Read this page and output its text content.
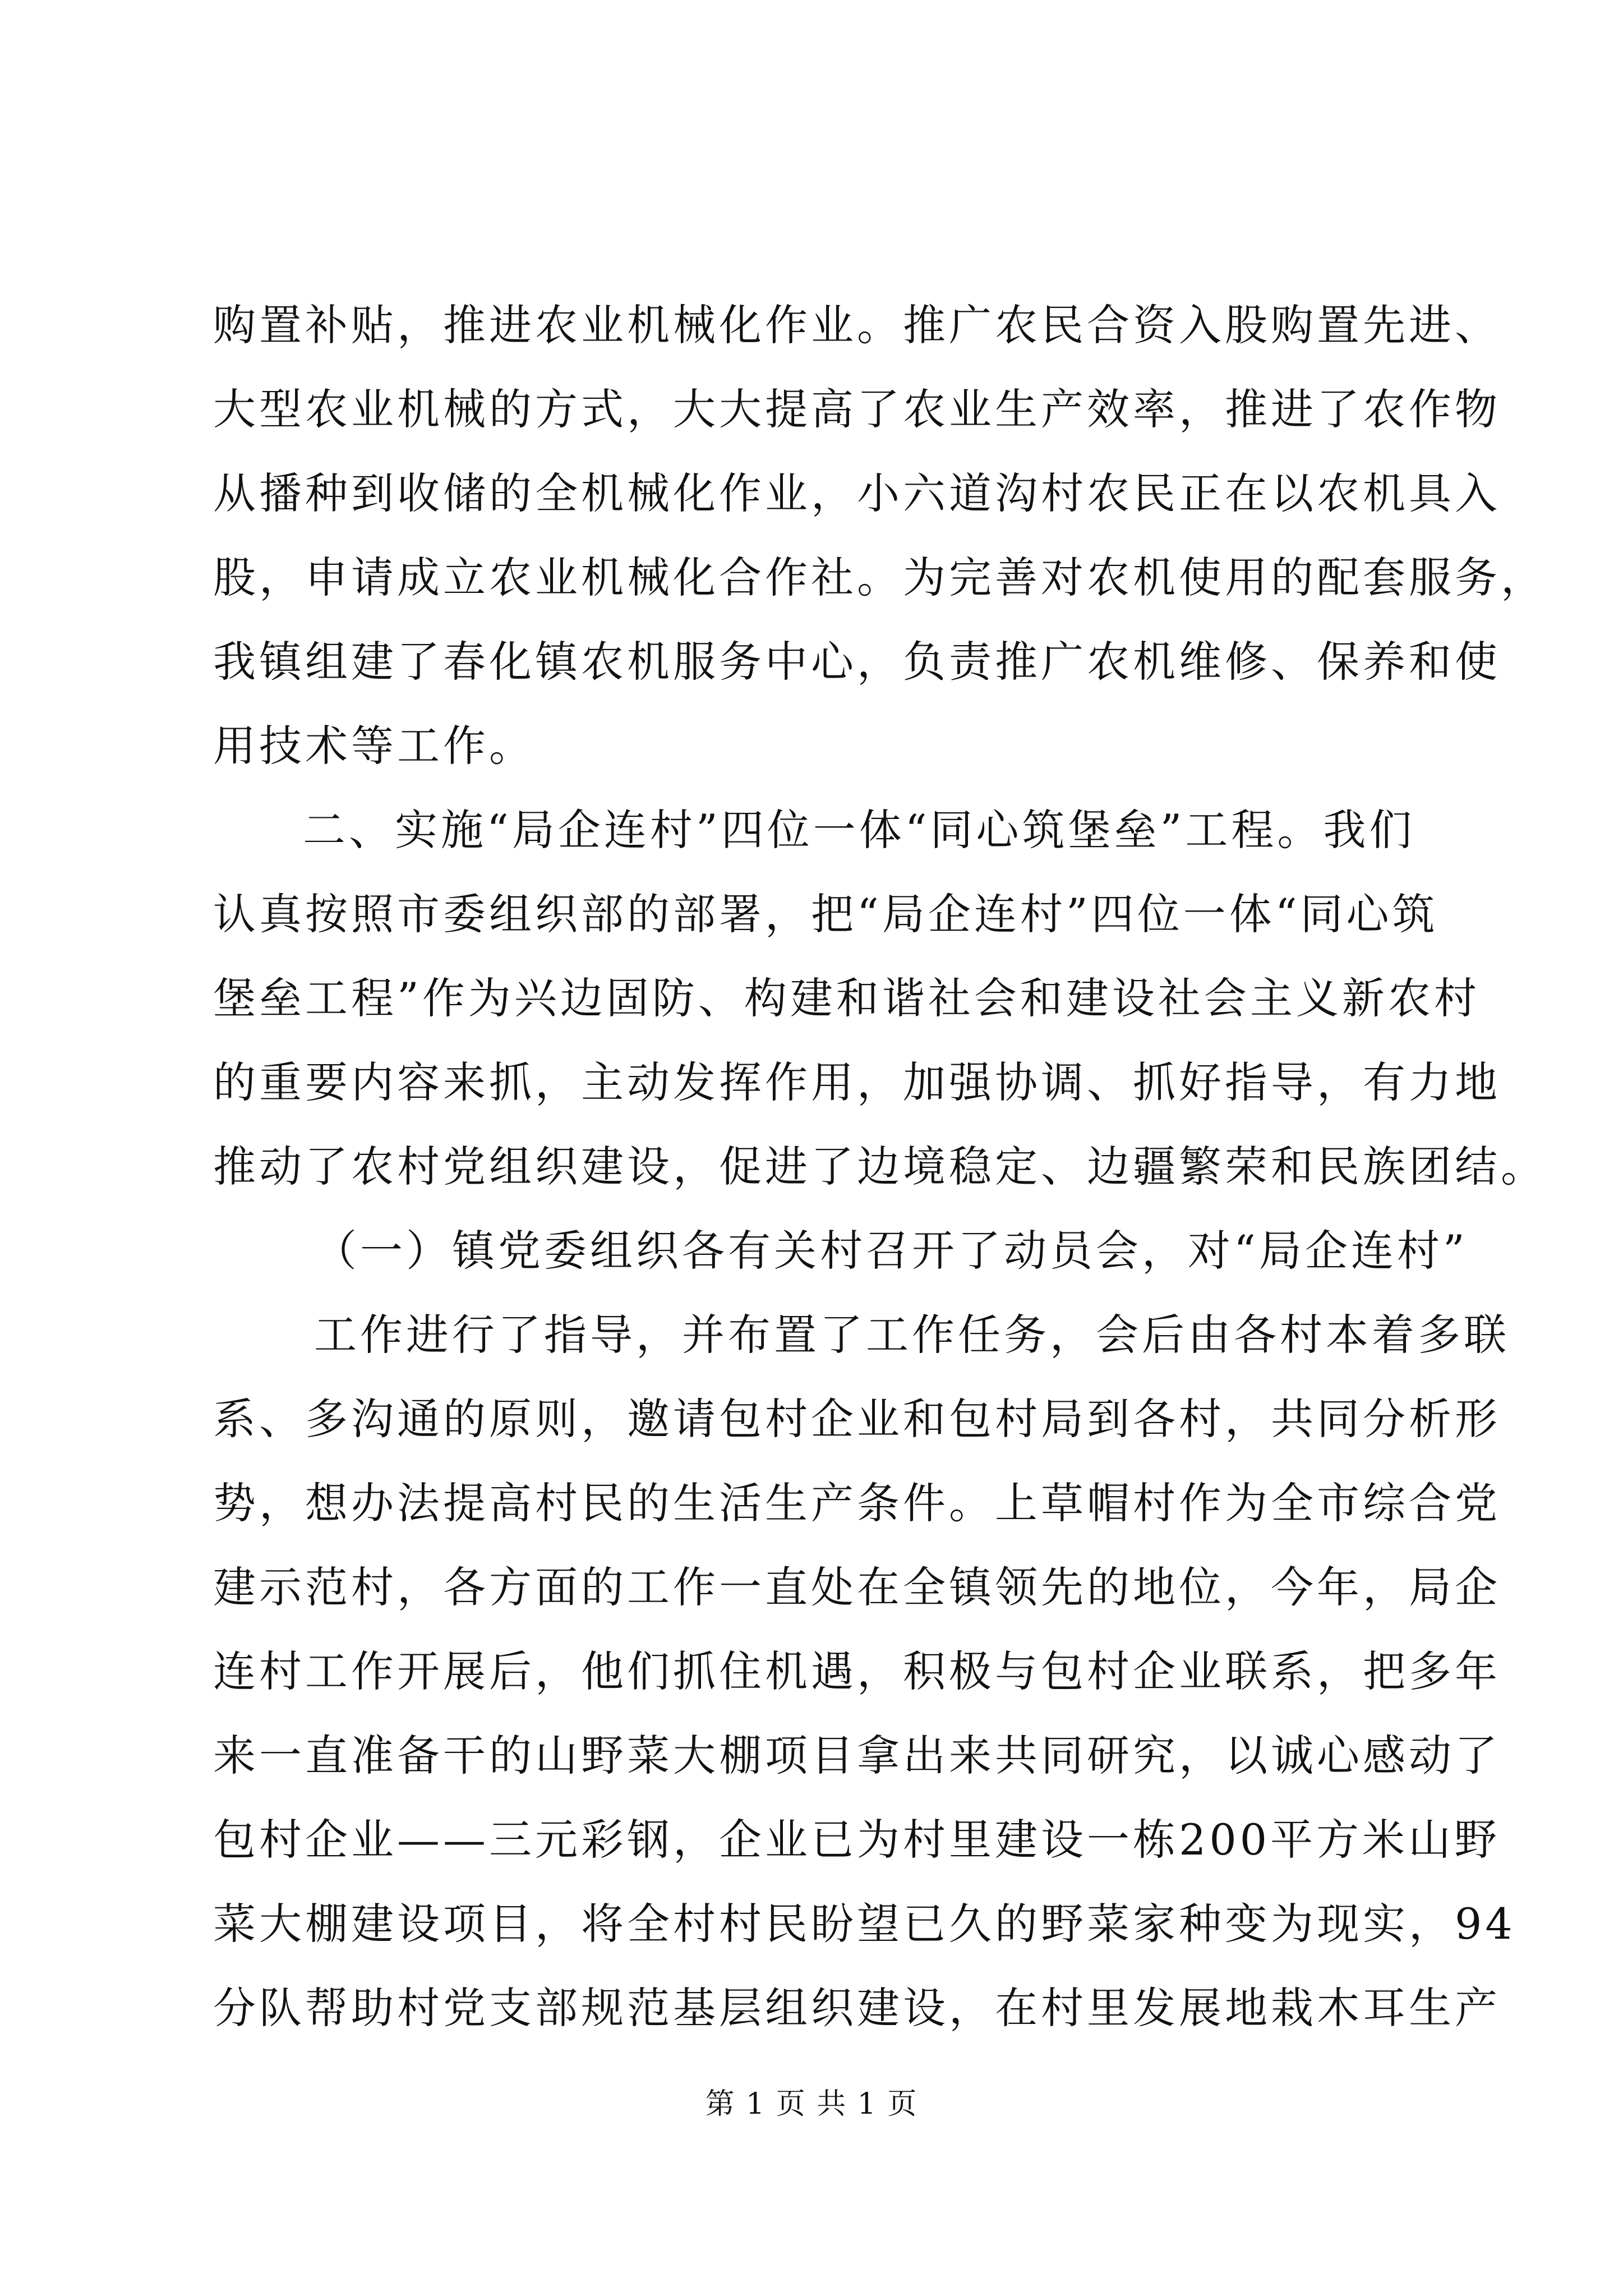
购置补贴，推进农业机械化作业。推广农民合资入股购置先进、
大型农业机械的方式，大大提高了农业生产效率，推进了农作物
从播种到收储的全机械化作业，小六道沟村农民正在以农机具入
股，申请成立农业机械化合作社。为完善对农机使用的配套服务，
我镇组建了春化镇农机服务中心，负责推广农机维修、保养和使
用技术等工作。
二、实施“局企连村”四位一体“同心筑堡垒”工程。我们
认真按照市委组织部的部署，把“局企连村”四位一体“同心筑
堡垒工程”作为兴边固防、构建和谐社会和建设社会主义新农村
的重要内容来抓，主动发挥作用，加强协调、抓好指导，有力地
推动了农村党组织建设，促进了边境稳定、边疆繁荣和民族团结。
（一）镇党委组织各有关村召开了动员会，对“局企连村”
工作进行了指导，并布置了工作任务，会后由各村本着多联
系、多沟通的原则，邀请包村企业和包村局到各村，共同分析形
势，想办法提高村民的生活生产条件。上草帽村作为全市综合党
建示范村，各方面的工作一直处在全镇领先的地位，今年，局企
连村工作开展后，他们抓住机遇，积极与包村企业联系，把多年
来一直准备干的山野菜大棚项目拿出来共同研究，以诚心感动了
包村企业——三元彩钢，企业已为村里建设一栋200平方米山野
菜大棚建设项目，将全村村民盼望已久的野菜家种变为现实，94
分队帮助村党支部规范基层组织建设，在村里发展地栽木耳生产
第 1 页 共 1 页
